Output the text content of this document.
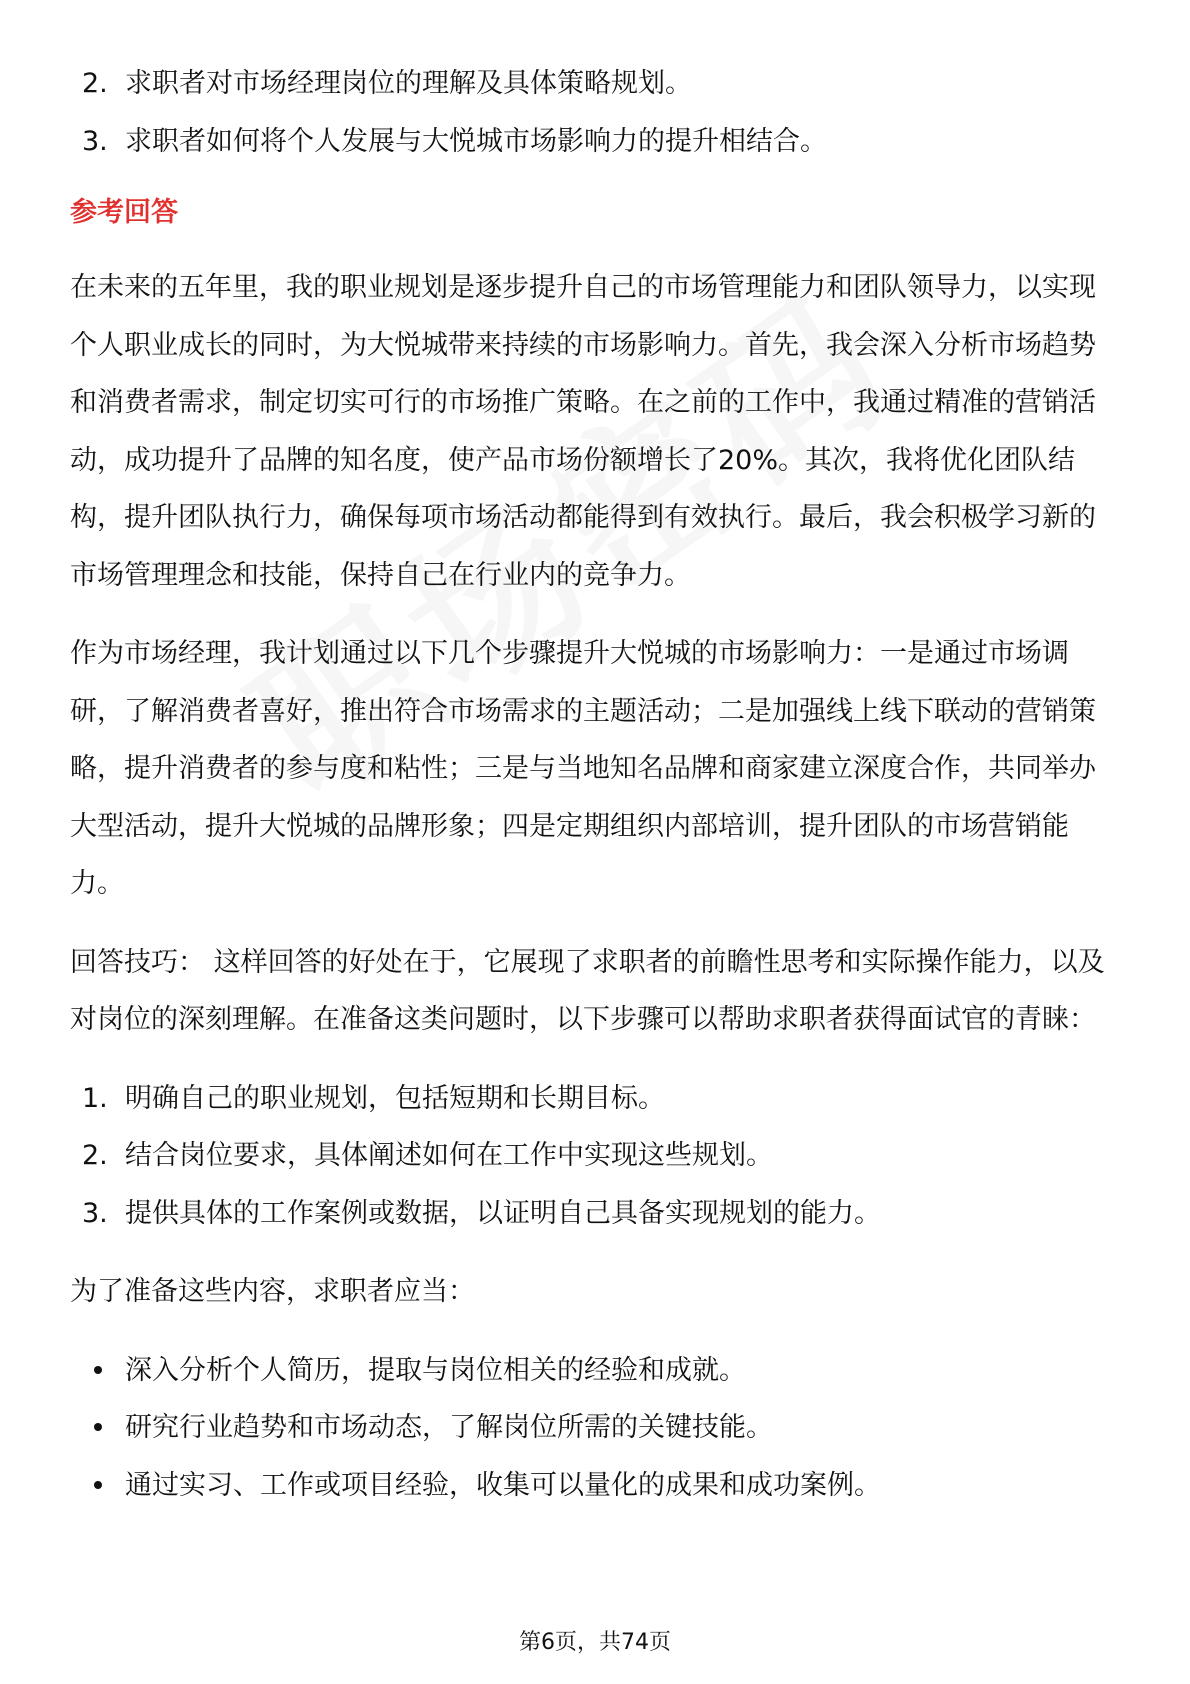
2. 求职者对市场经理岗位的理解及具体策略规划。
3. 求职者如何将个人发展与大悦城市场影响力的提升相结合。
参考回答

在未来的五年里，我的职业规划是逐步提升自己的市场管理能力和团队领导力，以实现个人职业成长的同时，为大悦城带来持续的市场影响力。首先，我会深入分析市场趋势和消费者需求，制定切实可行的市场推广策略。在之前的工作中，我通过精准的营销活动，成功提升了品牌的知名度，使产品市场份额增长了20%。其次，我将优化团队结构，提升团队执行力，确保每项市场活动都能得到有效执行。最后，我会积极学习新的市场管理理念和技能，保持自己在行业内的竞争力。

作为市场经理，我计划通过以下几个步骤提升大悦城的市场影响力：一是通过市场调研，了解消费者喜好，推出符合市场需求的主题活动；二是加强线上线下联动的营销策略，提升消费者的参与度和粘性；三是与当地知名品牌和商家建立深度合作，共同举办大型活动，提升大悦城的品牌形象；四是定期组织内部培训，提升团队的市场营销能力。

回答技巧： 这样回答的好处在于，它展现了求职者的前瞻性思考和实际操作能力，以及对岗位的深刻理解。在准备这类问题时，以下步骤可以帮助求职者获得面试官的青睐：

1. 明确自己的职业规划，包括短期和长期目标。
2. 结合岗位要求，具体阐述如何在工作中实现这些规划。
3. 提供具体的工作案例或数据，以证明自己具备实现规划的能力。

为了准备这些内容，求职者应当：

深入分析个人简历，提取与岗位相关的经验和成就。
研究行业趋势和市场动态，了解岗位所需的关键技能。
通过实习、工作或项目经验，收集可以量化的成果和成功案例。
第6页，共74页
